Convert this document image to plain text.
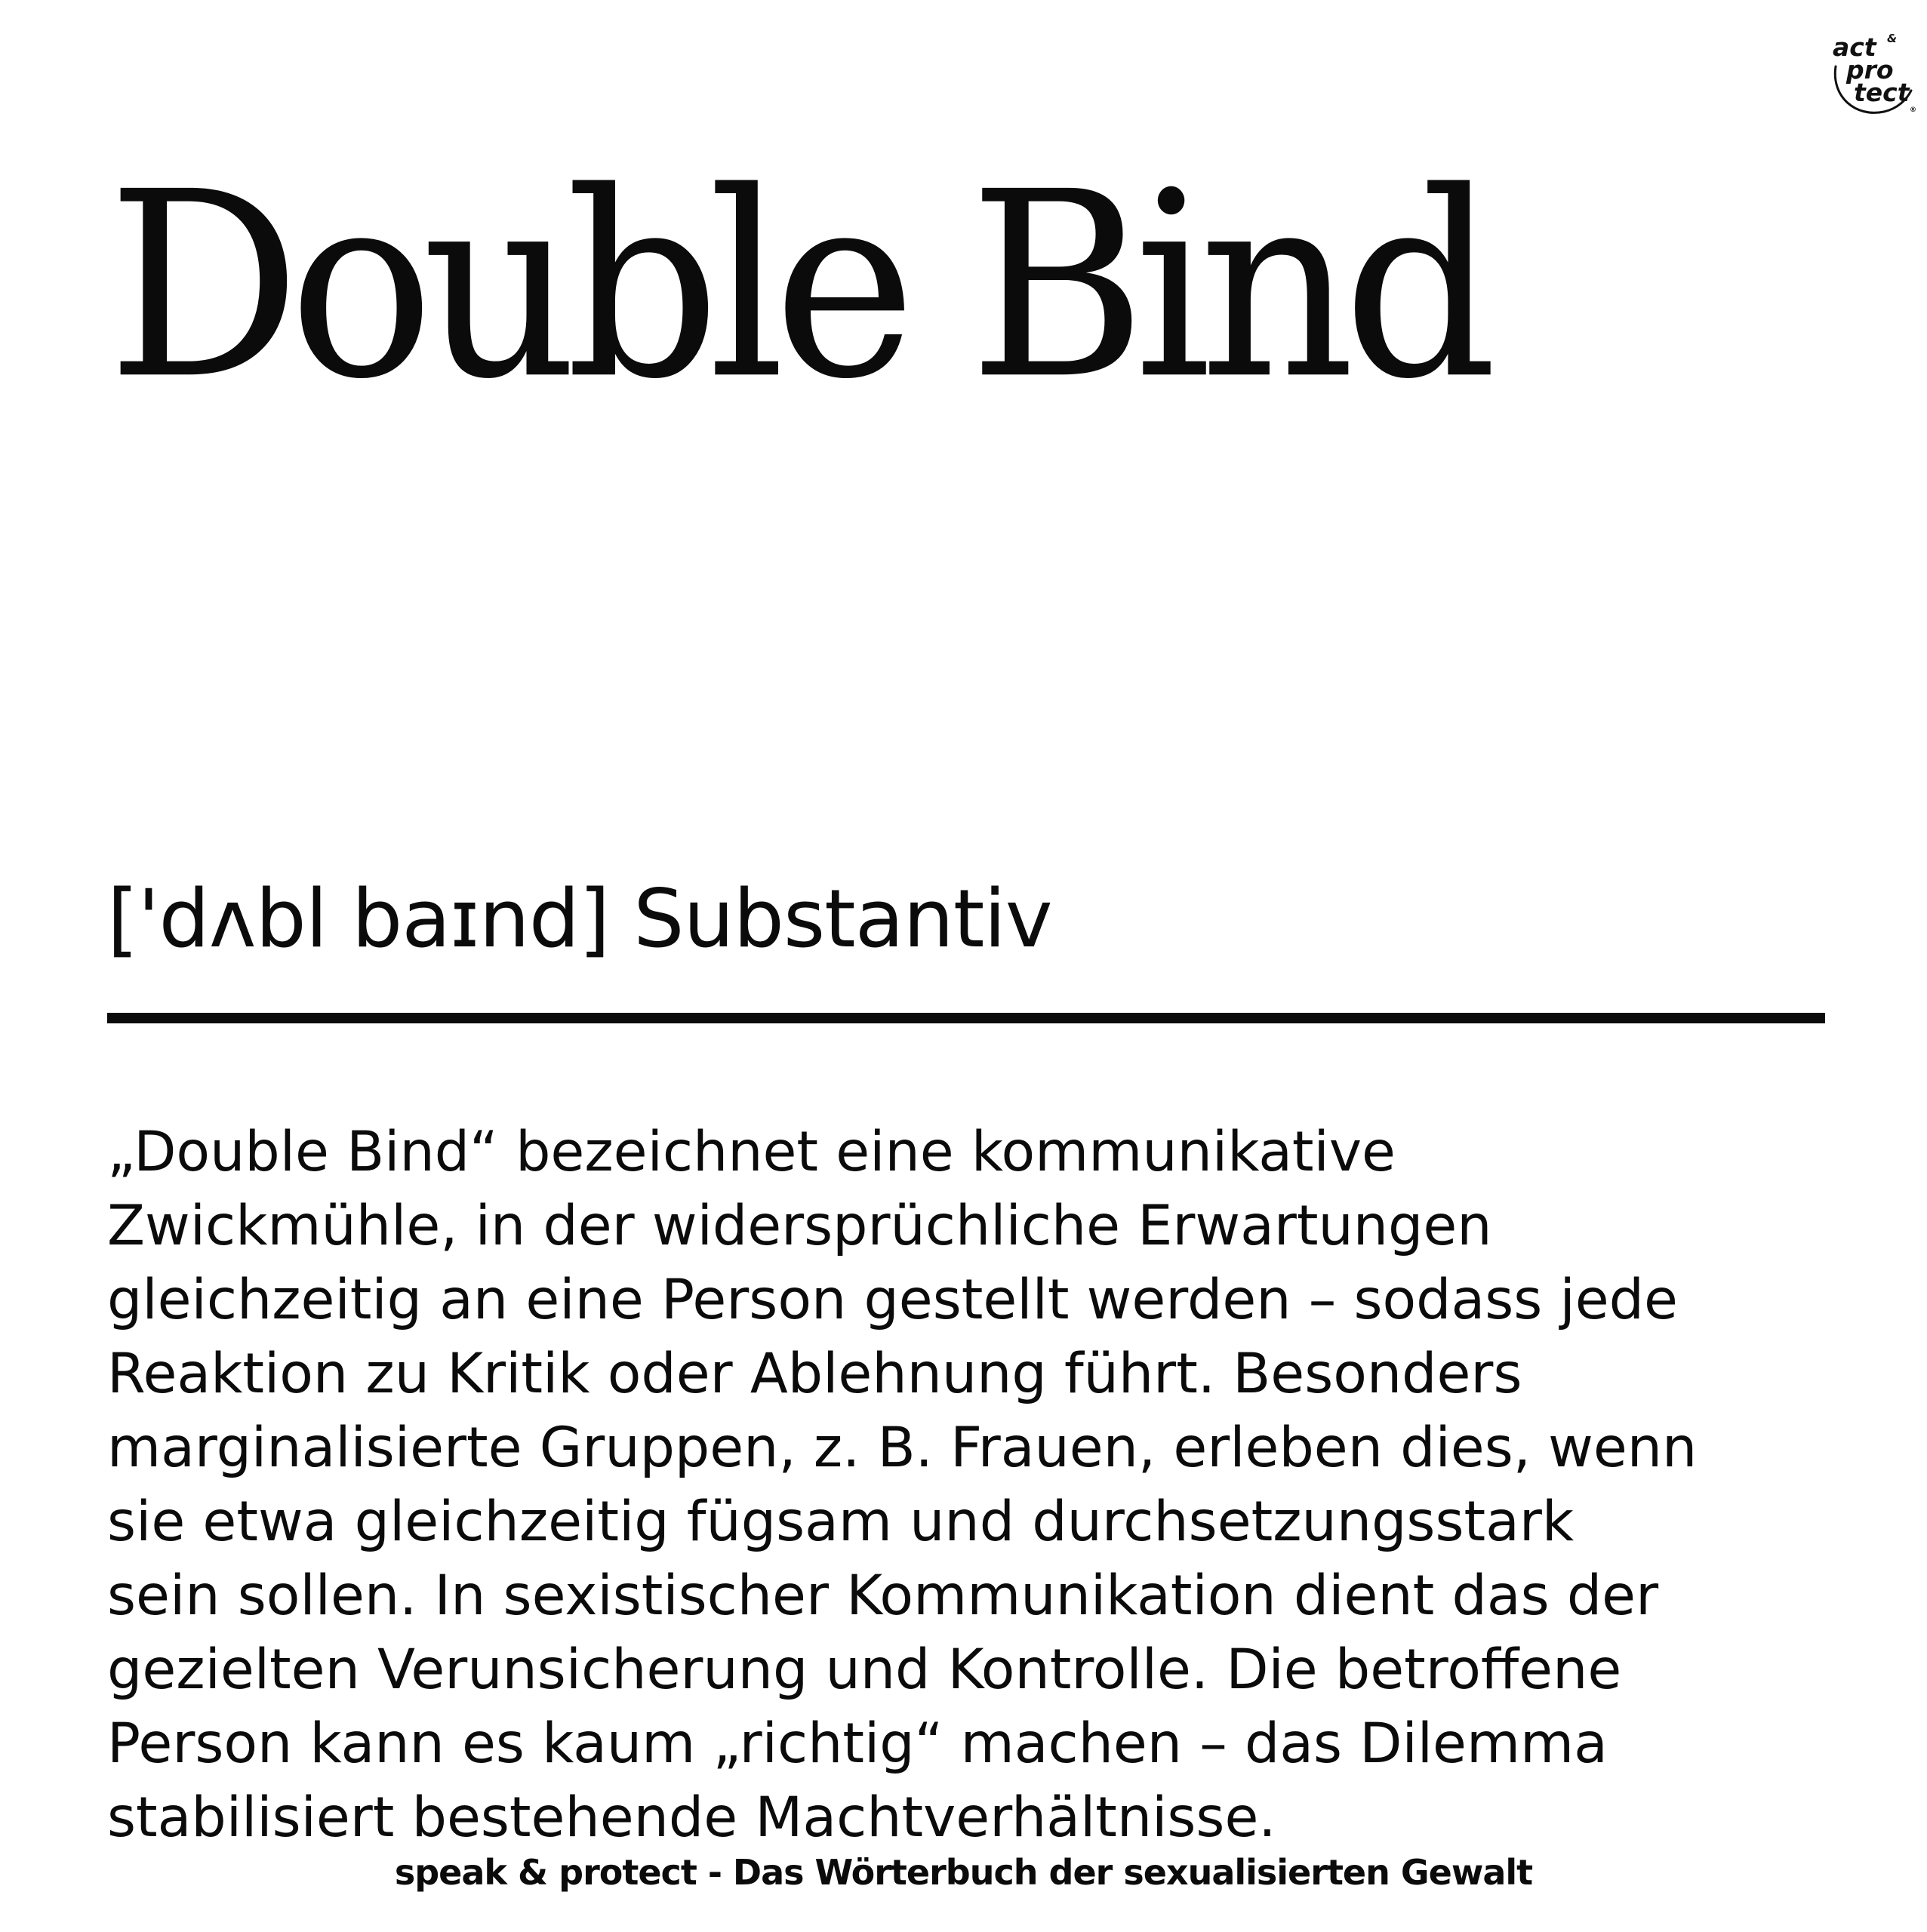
act &
pro
tect
®
Double Bind
['dʌbl baɪnd] Substantiv

„Double Bind“ bezeichnet eine kommunikative
Zwickmühle, in der widersprüchliche Erwartungen
gleichzeitig an eine Person gestellt werden – sodass jede
Reaktion zu Kritik oder Ablehnung führt. Besonders
marginalisierte Gruppen, z. B. Frauen, erleben dies, wenn
sie etwa gleichzeitig fügsam und durchsetzungsstark
sein sollen. In sexistischer Kommunikation dient das der
gezielten Verunsicherung und Kontrolle. Die betroffene
Person kann es kaum „richtig“ machen – das Dilemma
stabilisiert bestehende Machtverhältnisse.

speak & protect - Das Wörterbuch der sexualisierten Gewalt
